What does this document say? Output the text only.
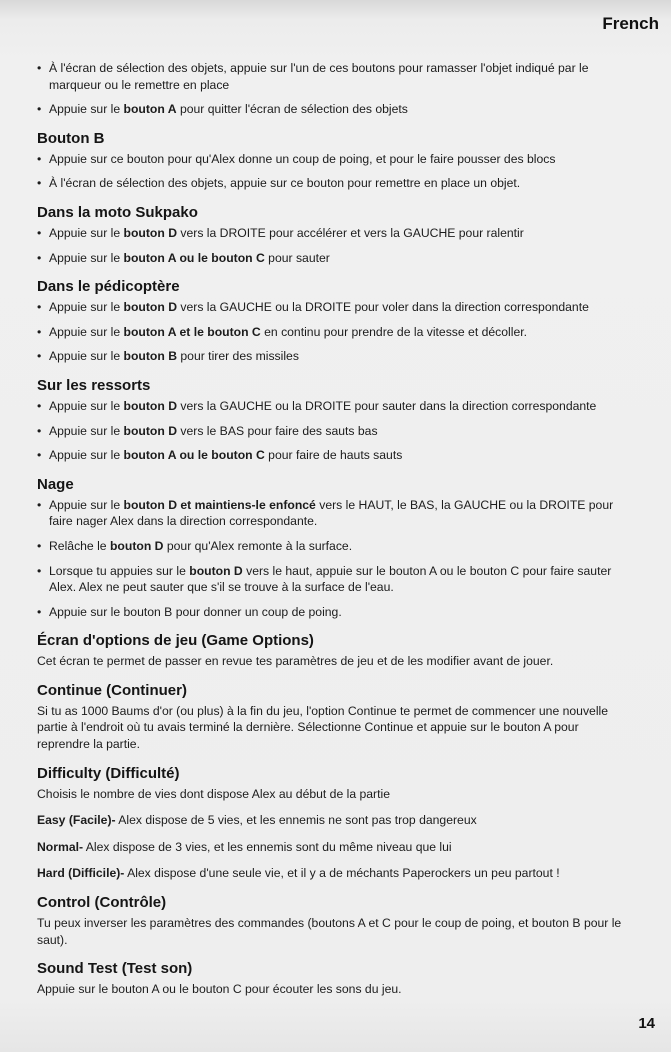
French
• À l'écran de sélection des objets, appuie sur l'un de ces boutons pour ramasser l'objet indiqué par le marqueur ou le remettre en place
• Appuie sur le bouton A pour quitter l'écran de sélection des objets
Bouton B
• Appuie sur ce bouton pour qu'Alex donne un coup de poing, et pour le faire pousser des blocs
• À l'écran de sélection des objets, appuie sur ce bouton pour remettre en place un objet.
Dans la moto Sukpako
• Appuie sur le bouton D vers la DROITE pour accélérer et vers la GAUCHE pour ralentir
• Appuie sur le bouton A ou le bouton C pour sauter
Dans le pédicoptère
• Appuie sur le bouton D vers la GAUCHE ou la DROITE pour voler dans la direction correspondante
• Appuie sur le bouton A et le bouton C en continu pour prendre de la vitesse et décoller.
• Appuie sur le bouton B pour tirer des missiles
Sur les ressorts
• Appuie sur le bouton D vers la GAUCHE ou la DROITE pour sauter dans la direction correspondante
• Appuie sur le bouton D vers le BAS pour faire des sauts bas
• Appuie sur le bouton A ou le bouton C pour faire de hauts sauts
Nage
• Appuie sur le bouton D et maintiens-le enfoncé vers le HAUT, le BAS, la GAUCHE ou la DROITE pour faire nager Alex dans la direction correspondante.
• Relâche le bouton D pour qu'Alex remonte à la surface.
• Lorsque tu appuies sur le bouton D vers le haut, appuie sur le bouton A ou le bouton C pour faire sauter Alex. Alex ne peut sauter que s'il se trouve à la surface de l'eau.
• Appuie sur le bouton B pour donner un coup de poing.
Écran d'options de jeu (Game Options)

Cet écran te permet de passer en revue tes paramètres de jeu et de les modifier avant de jouer.

Continue (Continuer)

Si tu as 1000 Baums d'or (ou plus) à la fin du jeu, l'option Continue te permet de commencer une nouvelle partie à l'endroit où tu avais terminé la dernière. Sélectionne Continue et appuie sur le bouton A pour reprendre la partie.

Difficulty (Difficulté)

Choisis le nombre de vies dont dispose Alex au début de la partie

Easy (Facile)- Alex dispose de 5 vies, et les ennemis ne sont pas trop dangereux

Normal- Alex dispose de 3 vies, et les ennemis sont du même niveau que lui

Hard (Difficile)- Alex dispose d'une seule vie, et il y a de méchants Paperockers un peu partout !

Control (Contrôle)

Tu peux inverser les paramètres des commandes (boutons A et C pour le coup de poing, et bouton B pour le saut).

Sound Test (Test son)

Appuie sur le bouton A ou le bouton C pour écouter les sons du jeu.

14
